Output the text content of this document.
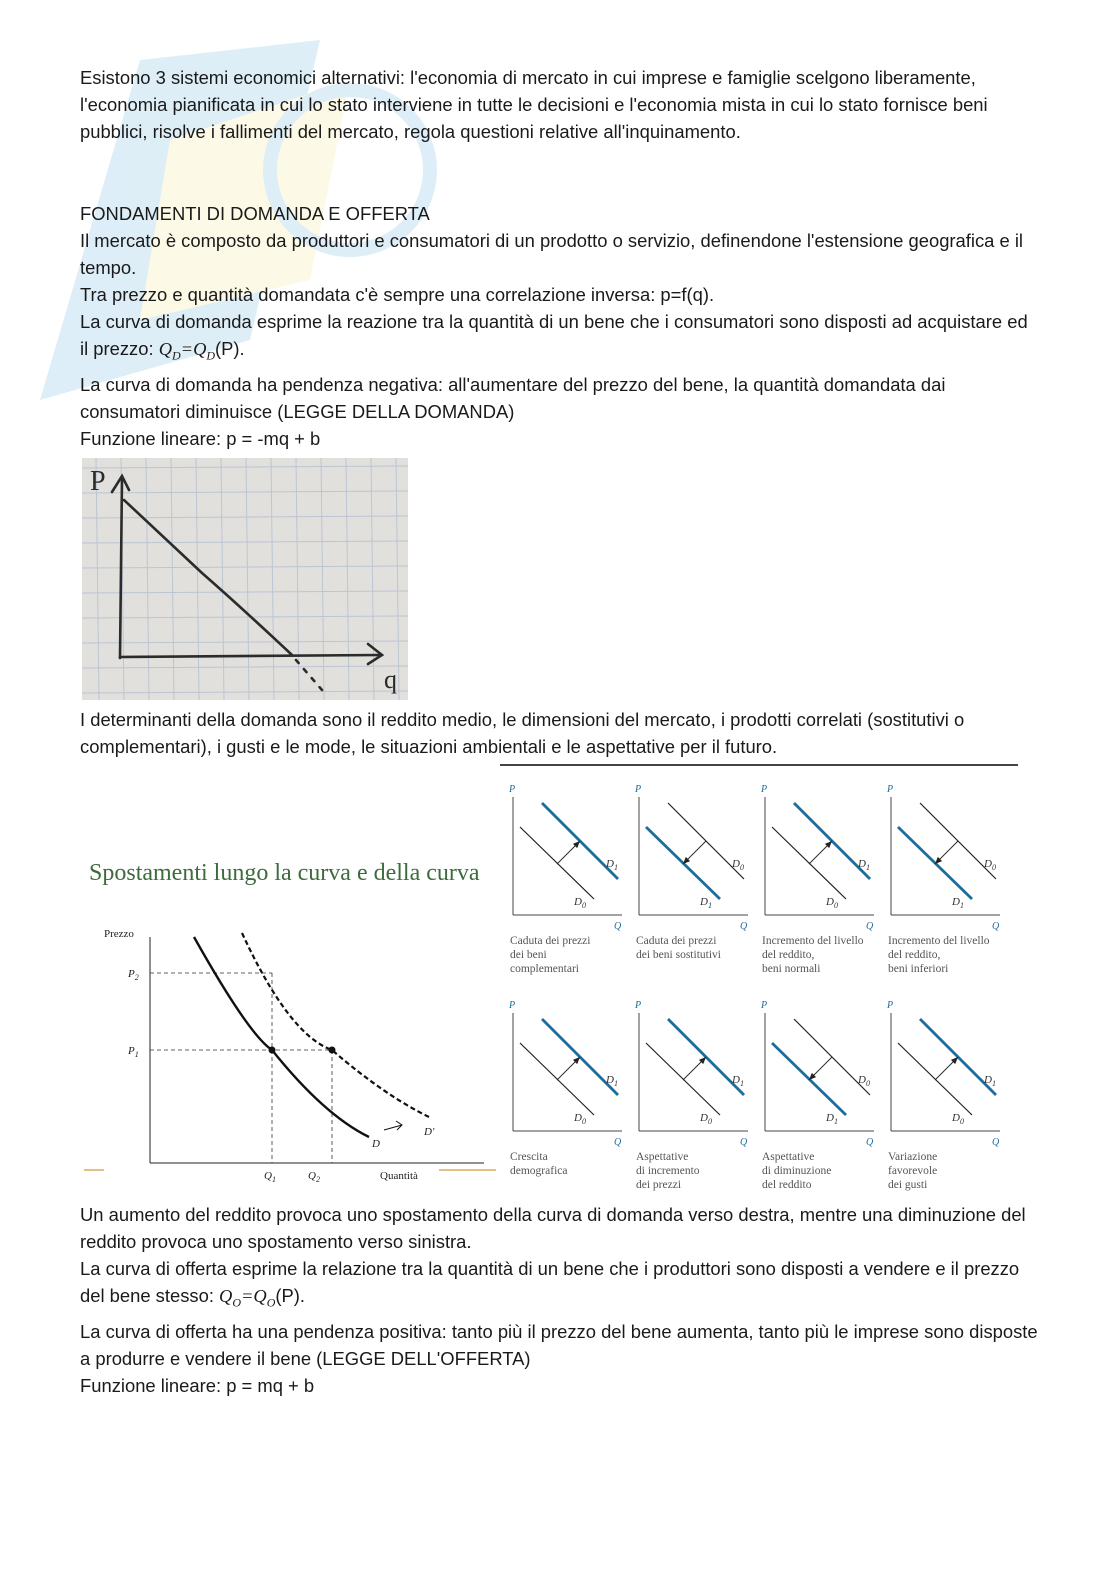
Esistono 3 sistemi economici alternativi: l'economia di mercato in cui imprese e famiglie scelgono liberamente, l'economia pianificata in cui lo stato interviene in tutte le decisioni e l'economia mista in cui lo stato fornisce beni pubblici, risolve i fallimenti del mercato, regola questioni relative all'inquinamento.

FONDAMENTI DI DOMANDA E OFFERTA

Il mercato è composto da produttori e consumatori di un prodotto o servizio, definendone l'estensione geografica e il tempo.

Tra prezzo e quantità domandata c'è sempre una correlazione inversa: p=f(q).

La curva di domanda esprime la reazione tra la quantità di un bene che i consumatori sono disposti ad acquistare ed il prezzo: $Q_D=Q_D(P)$.

La curva di domanda ha pendenza negativa: all'aumentare del prezzo del bene, la quantità domandata dai consumatori diminuisce (LEGGE DELLA DOMANDA)

Funzione lineare: p = -mq + b

P
q

I determinanti della domanda sono il reddito medio, le dimensioni del mercato, i prodotti correlati (sostitutivi o complementari), i gusti e le mode, le situazioni ambientali e le aspettative per il futuro.

Spostamenti lungo la curva e della curva
Prezzo
Quantità
$P_2$
$P_1$
$Q_1$	$Q_2$
D
D'
P
Q
$D_1$
$D_0$
Caduta dei prezzi dei beni complementari
P
Q
$D_0$
$D_1$
Caduta dei prezzi dei beni sostitutivi
P
Q
$D_1$
$D_0$
Incremento del livello del reddito, beni normali
P
Q
$D_0$
$D_1$
Incremento del livello del reddito, beni inferiori
P
Q
$D_1$
$D_0$
Crescita demografica
P
Q
$D_1$
$D_0$
Aspettative di incremento dei prezzi
P
Q
$D_0$
$D_1$
Aspettative di diminuzione del reddito
P
Q
$D_1$
$D_0$
Variazione favorevole dei gusti

Un aumento del reddito provoca uno spostamento della curva di domanda verso destra, mentre una diminuzione del reddito provoca uno spostamento verso sinistra.

La curva di offerta esprime la relazione tra la quantità di un bene che i produttori sono disposti a vendere e il prezzo del bene stesso: $Q_O=Q_O(P)$.

La curva di offerta ha una pendenza positiva: tanto più il prezzo del bene aumenta, tanto più le imprese sono disposte a produrre e vendere il bene (LEGGE DELL'OFFERTA)

Funzione lineare: p = mq + b
